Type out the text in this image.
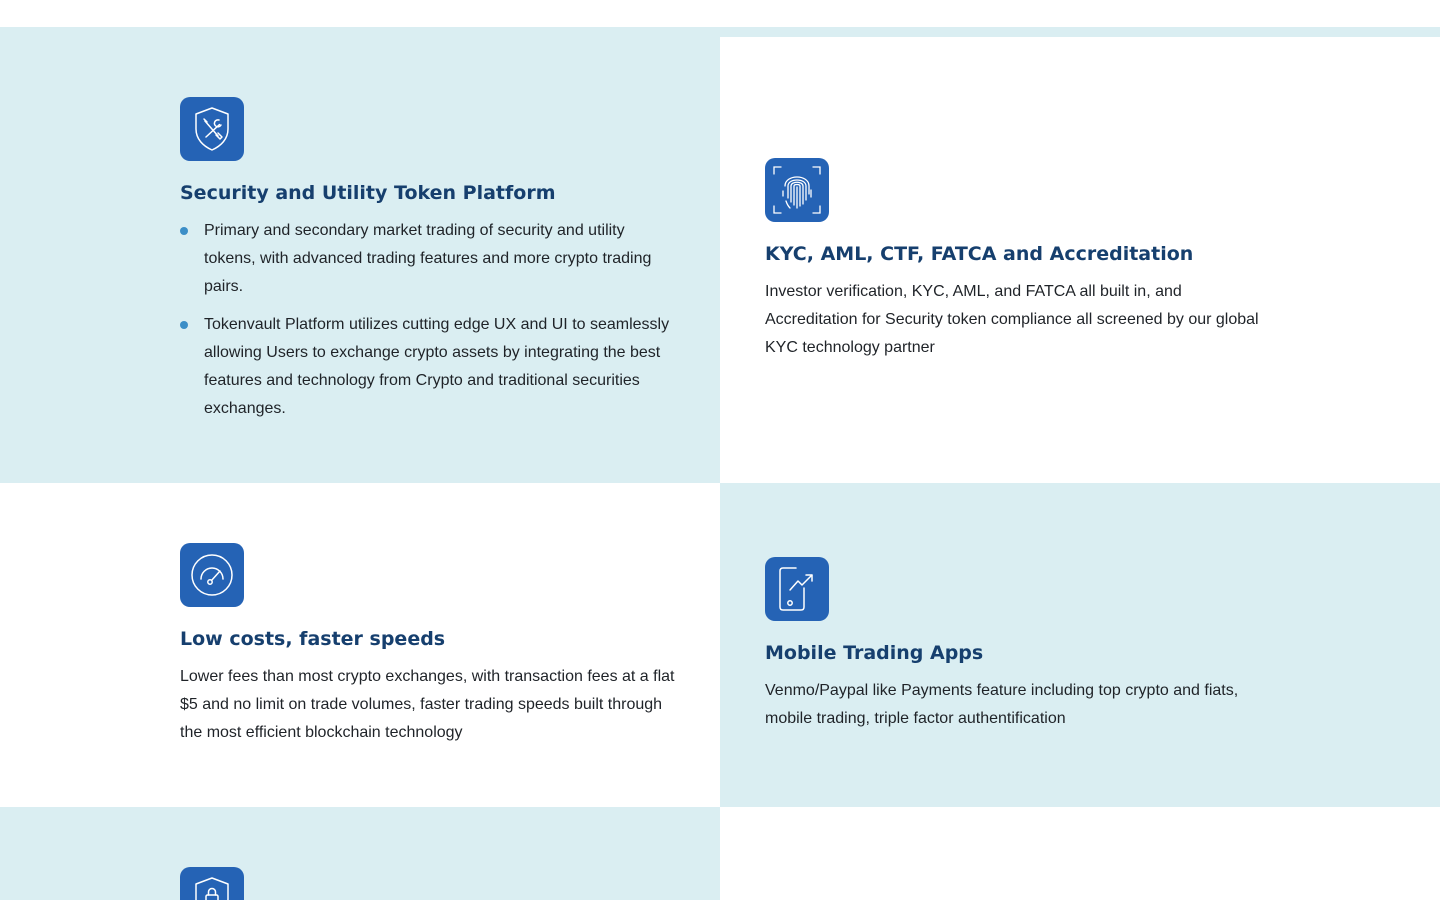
Security and Utility Token Platform
Primary and secondary market trading of security and utility tokens, with advanced trading features and more crypto trading pairs.
Tokenvault Platform utilizes cutting edge UX and UI to seamlessly allowing Users to exchange crypto assets by integrating the best features and technology from Crypto and traditional securities exchanges.
KYC, AML, CTF, FATCA and Accreditation

Investor verification, KYC, AML, and FATCA all built in, and Accreditation for Security token compliance all screened by our global KYC technology partner

Low costs, faster speeds

Lower fees than most crypto exchanges, with transaction fees at a flat $5 and no limit on trade volumes, faster trading speeds built through the most efficient blockchain technology

Mobile Trading Apps

Venmo/Paypal like Payments feature including top crypto and fiats, mobile trading, triple factor authentification
